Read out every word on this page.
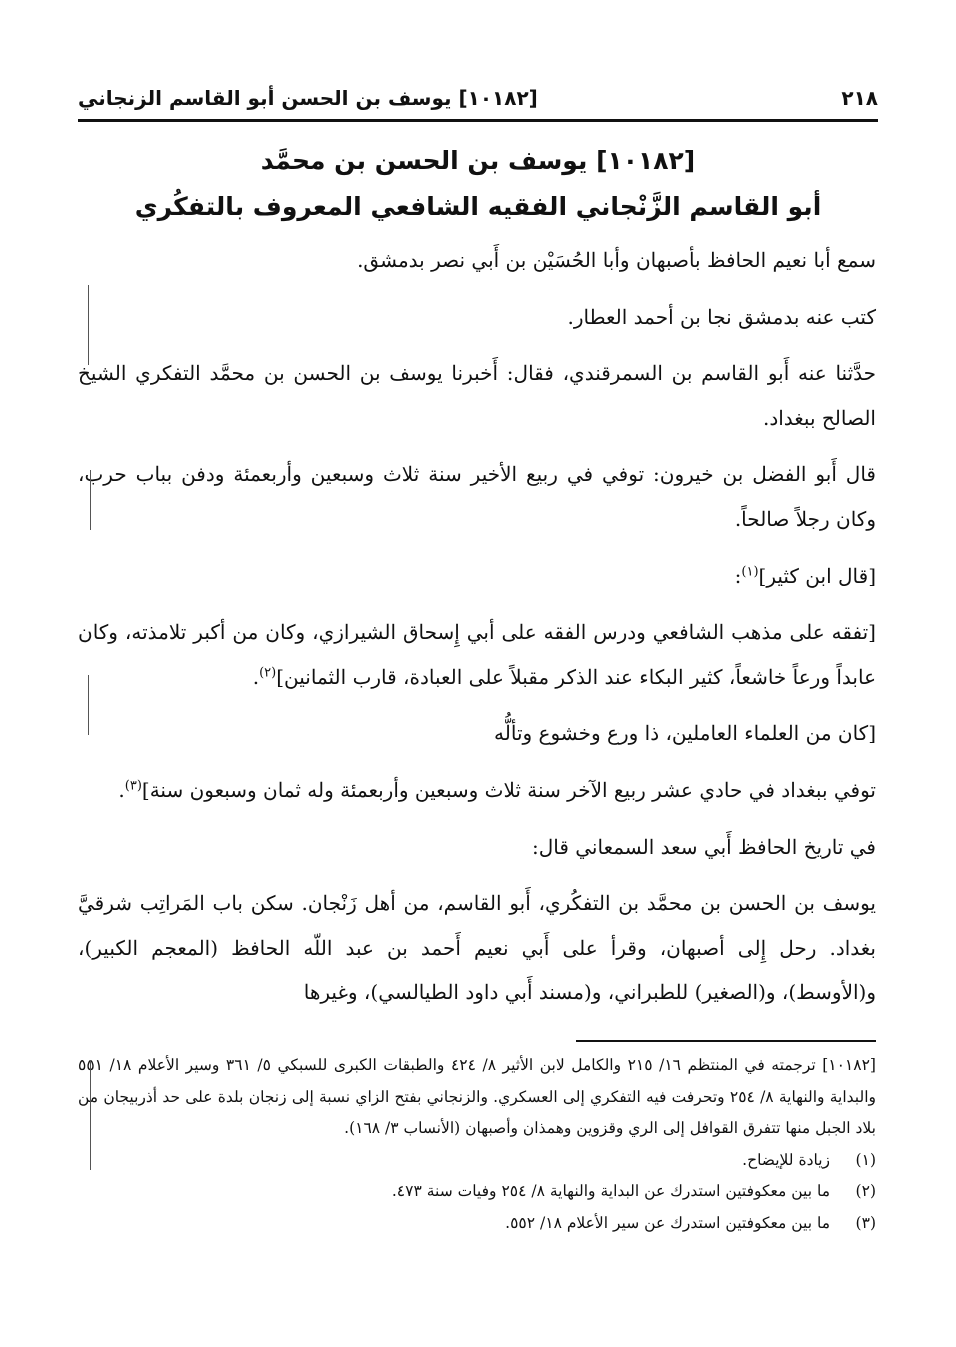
٢١٨
[١٠١٨٢] يوسف بن الحسن أبو القاسم الزنجاني
[١٠١٨٢] يوسف بن الحسن بن محمَّد
أبو القاسم الزَّنْجاني الفقيه الشافعي المعروف بالتفكُري

سمع أبا نعيم الحافظ بأصبهان وأبا الحُسَيْن بن أَبي نصر بدمشق.

كتب عنه بدمشق نجا بن أحمد العطار.

حدَّثنا عنه أَبو القاسم بن السمرقندي، فقال: أَخبرنا يوسف بن الحسن بن محمَّد التفكري الشيخ الصالح ببغداد.

قال أَبو الفضل بن خيرون: توفي في ربيع الأخير سنة ثلاث وسبعين وأربعمئة ودفن بباب حرب، وكان رجلاً صالحاً.

[قال ابن كثير]$^{(١)}$:

[تفقه على مذهب الشافعي ودرس الفقه على أبي إِسحاق الشيرازي، وكان من أكبر تلامذته، وكان عابداً ورعاً خاشعاً، كثير البكاء عند الذكر مقبلاً على العبادة، قارب الثمانين]$^{(٢)}$.

[كان من العلماء العاملين، ذا ورع وخشوع وتألُّه

توفي ببغداد في حادي عشر ربيع الآخر سنة ثلاث وسبعين وأربعمئة وله ثمان وسبعون سنة]$^{(٣)}$.

في تاريخ الحافظ أَبي سعد السمعاني قال:

يوسف بن الحسن بن محمَّد بن التفكُري، أَبو القاسم، من أهل زَنْجان. سكن باب المَراتِب شرقيَّ بغداد. رحل إِلى أصبهان، وقرأ على أَبي نعيم أَحمد بن عبد اللّه الحافظ (المعجم الكبير)، و(الأوسط)، و(الصغير) للطبراني، و(مسند أَبي داود الطيالسي)، وغيرها

[١٠١٨٢] ترجمته في المنتظم ١٦/ ٢١٥ والكامل لابن الأثير ٨/ ٤٢٤ والطبقات الكبرى للسبكي ٥/ ٣٦١ وسير الأعلام ١٨/ ٥٥١ والبداية والنهاية ٨/ ٢٥٤ وتحرفت فيه التفكري إلى العسكري. والزنجاني بفتح الزاي نسبة إلى زنجان بلدة على حد أذربيجان من بلاد الجبل منها تتفرق القوافل إلى الري وقزوين وهمذان وأصبهان (الأنساب ٣/ ١٦٨).

(١)
زيادة للإيضاح.
(٢)
ما بين معكوفتين استدرك عن البداية والنهاية ٨/ ٢٥٤ وفيات سنة ٤٧٣.
(٣)
ما بين معكوفتين استدرك عن سير الأعلام ١٨/ ٥٥٢.
